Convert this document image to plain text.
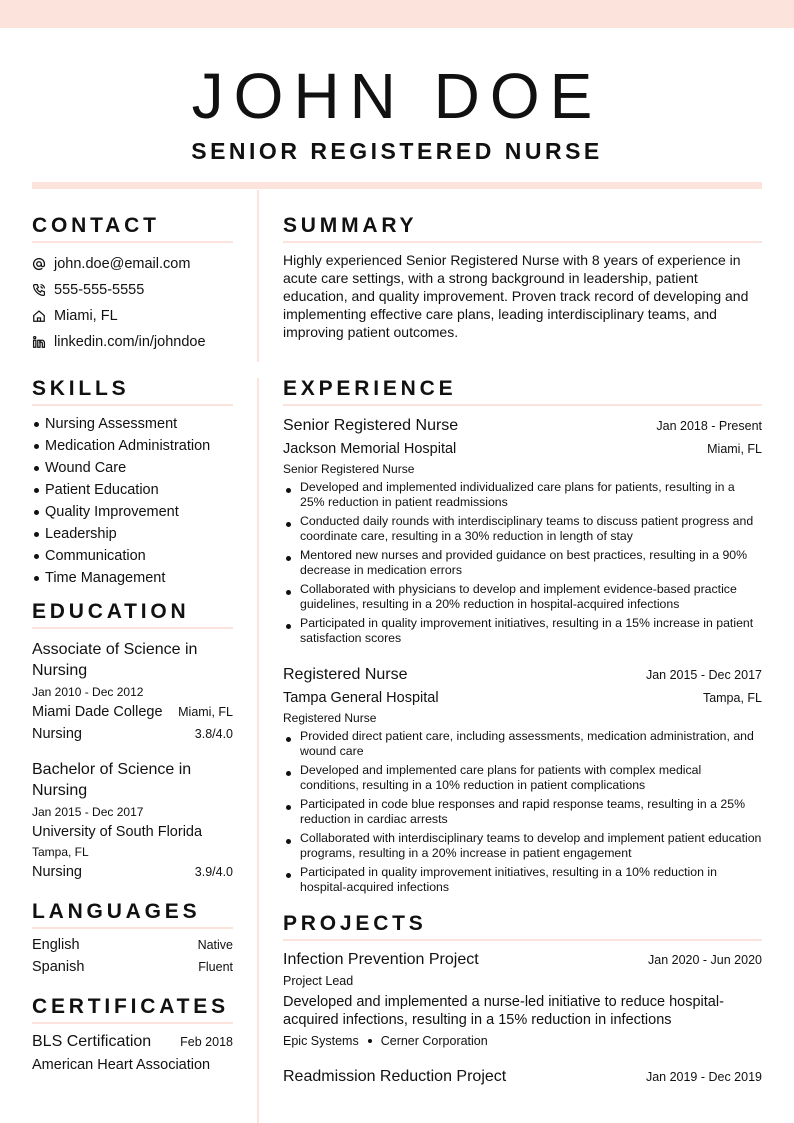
JOHN DOE
SENIOR REGISTERED NURSE
CONTACT
john.doe@email.com
555-555-5555
Miami, FL
linkedin.com/in/johndoe
SUMMARY

Highly experienced Senior Registered Nurse with 8 years of experience in acute care settings, with a strong background in leadership, patient education, and quality improvement. Proven track record of developing and implementing effective care plans, leading interdisciplinary teams, and improving patient outcomes.

SKILLS
Nursing Assessment
Medication Administration
Wound Care
Patient Education
Quality Improvement
Leadership
Communication
Time Management
EDUCATION
Associate of Science in Nursing
Jan 2010 - Dec 2012
Miami Dade College Miami, FL
Nursing	3.8/4.0
Bachelor of Science in Nursing
Jan 2015 - Dec 2017
University of South Florida
Tampa, FL
Nursing	3.9/4.0
LANGUAGES
English	Native
Spanish	Fluent
CERTIFICATES
BLS Certification Feb 2018
American Heart Association
EXPERIENCE
Senior Registered Nurse	Jan 2018 - Present
Jackson Memorial Hospital	Miami, FL
Senior Registered Nurse
Developed and implemented individualized care plans for patients, resulting in a 25% reduction in patient readmissions
Conducted daily rounds with interdisciplinary teams to discuss patient progress and coordinate care, resulting in a 30% reduction in length of stay
Mentored new nurses and provided guidance on best practices, resulting in a 90% decrease in medication errors
Collaborated with physicians to develop and implement evidence-based practice guidelines, resulting in a 20% reduction in hospital-acquired infections
Participated in quality improvement initiatives, resulting in a 15% increase in patient satisfaction scores
Registered Nurse	Jan 2015 - Dec 2017
Tampa General Hospital	Tampa, FL
Registered Nurse
Provided direct patient care, including assessments, medication administration, and wound care
Developed and implemented care plans for patients with complex medical conditions, resulting in a 10% reduction in patient complications
Participated in code blue responses and rapid response teams, resulting in a 25% reduction in cardiac arrests
Collaborated with interdisciplinary teams to develop and implement patient education programs, resulting in a 20% increase in patient engagement
Participated in quality improvement initiatives, resulting in a 10% reduction in hospital-acquired infections
PROJECTS
Infection Prevention Project	Jan 2020 - Jun 2020
Project Lead
Developed and implemented a nurse-led initiative to reduce hospital-acquired infections, resulting in a 15% reduction in infections
Epic Systems Cerner Corporation
Readmission Reduction Project	Jan 2019 - Dec 2019
